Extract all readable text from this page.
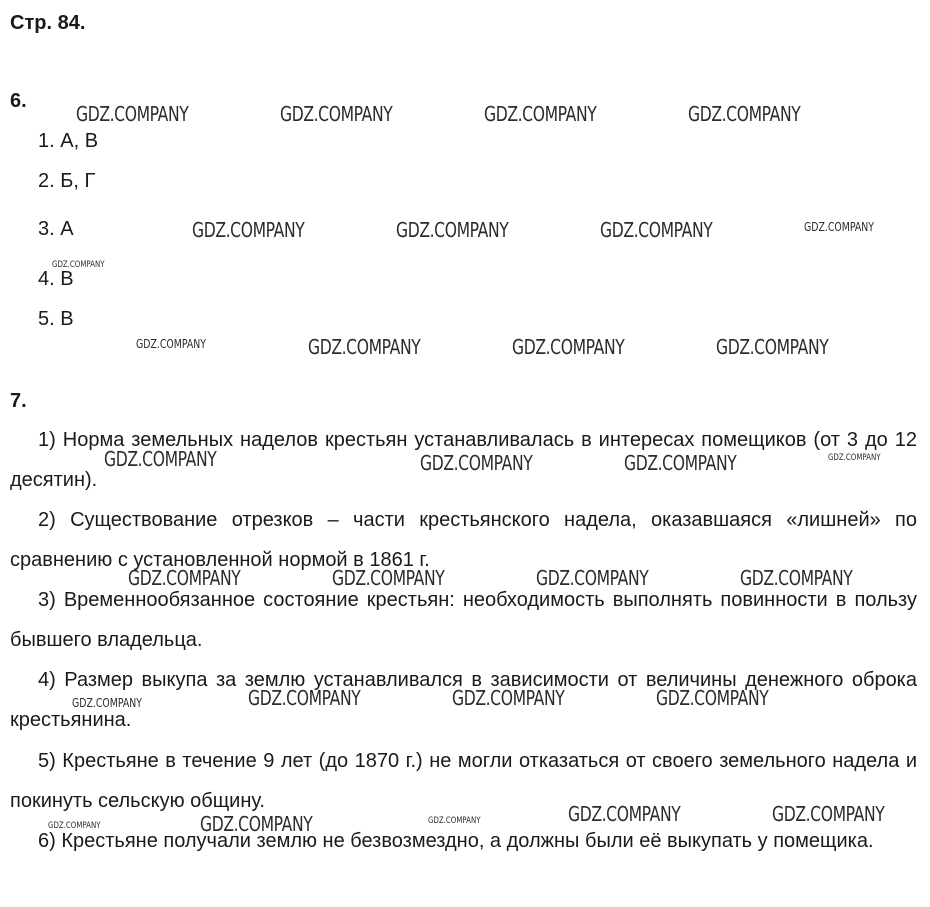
Стр. 84.
6.
1. А, В
2. Б, Г
3. А
4. В
5. В
7.

1) Норма земельных наделов крестьян устанавливалась в интересах помещиков (от 3 до 12 десятин).

2) Существование отрезков – части крестьянского надела, оказавшаяся «лишней» по сравнению с установленной нормой в 1861 г.

3) Временнообязанное состояние крестьян: необходимость выполнять повинности в пользу бывшего владельца.

4) Размер выкупа за землю устанавливался в зависимости от величины денежного оброка крестьянина.

5) Крестьяне в течение 9 лет (до 1870 г.) не могли отказаться от своего земельного надела и покинуть сельскую общину.

6) Крестьяне получали землю не безвозмездно, а должны были её выкупать у помещика.

GDZ.COMPANY	GDZ.COMPANY	GDZ.COMPANY	GDZ.COMPANY
GDZ.COMPANY	GDZ.COMPANY	GDZ.COMPANY	GDZ.COMPANY
GDZ.COMPANY
GDZ.COMPANY	GDZ.COMPANY	GDZ.COMPANY	GDZ.COMPANY
GDZ.COMPANY	GDZ.COMPANY	GDZ.COMPANY	GDZ.COMPANY
GDZ.COMPANY	GDZ.COMPANY	GDZ.COMPANY	GDZ.COMPANY
GDZ.COMPANY	GDZ.COMPANY	GDZ.COMPANY	GDZ.COMPANY
GDZ.COMPANY	GDZ.COMPANY
GDZ.COMPANY	GDZ.COMPANY	GDZ.COMPANY
